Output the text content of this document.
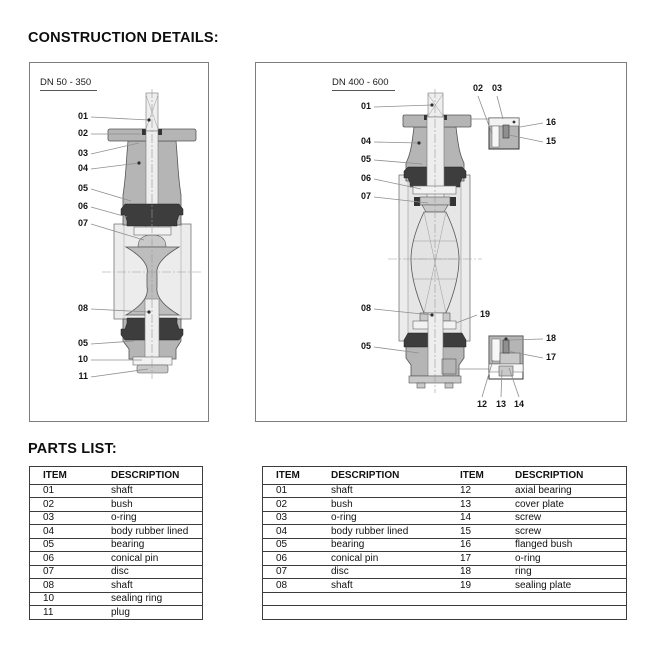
CONSTRUCTION DETAILS:
DN 50 - 350
01
02
03
04
05
06
07
08
05
10
11
DN 400 - 600
01
04
05
06
07
08
05
19
02 03
16
15
18
17
12 13 14
PARTS LIST:
ITEM	DESCRIPTION
01	shaft
02	bush
03	o-ring
04	body rubber lined
05	bearing
06	conical pin
07	disc
08	shaft
10	sealing ring
11	plug
ITEM	DESCRIPTION	ITEM	DESCRIPTION
01	shaft	12	axial bearing
02	bush	13	cover plate
03	o-ring	14	screw
04	body rubber lined	15	screw
05	bearing	16	flanged bush
06	conical pin	17	o-ring
07	disc	18	ring
08	shaft	19	sealing plate
